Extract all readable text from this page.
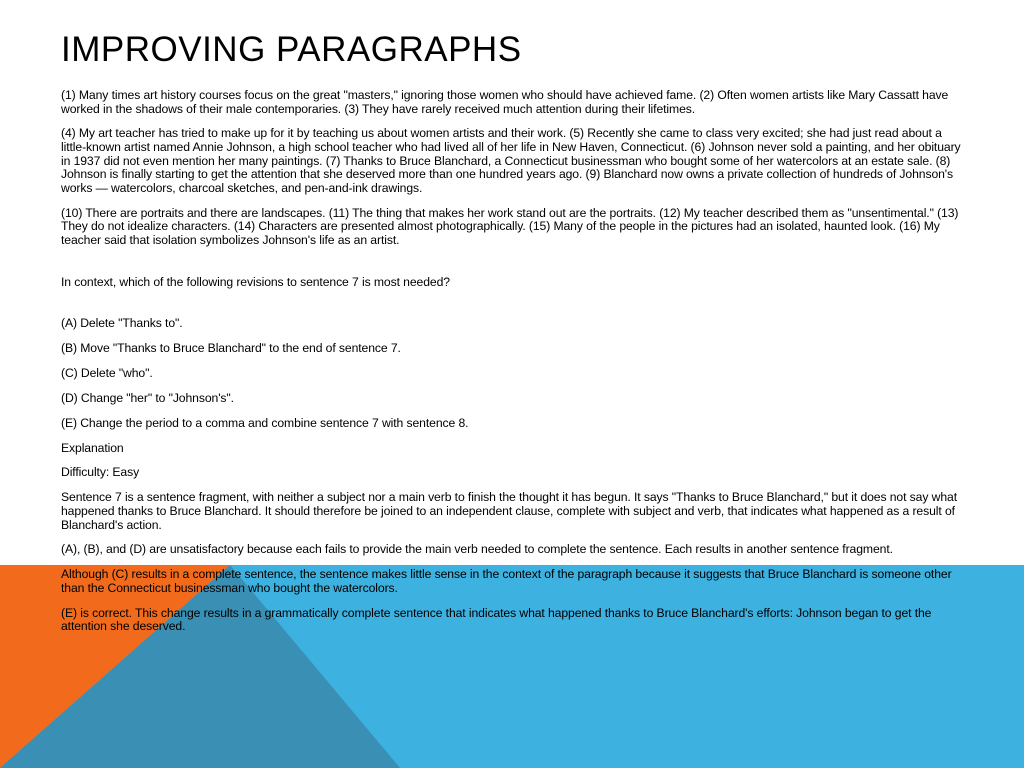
IMPROVING PARAGRAPHS

(1) Many times art history courses focus on the great "masters," ignoring those women who should have achieved fame. (2) Often women artists like Mary Cassatt have worked in the shadows of their male contemporaries. (3) They have rarely received much attention during their lifetimes.

(4) My art teacher has tried to make up for it by teaching us about women artists and their work. (5) Recently she came to class very excited; she had just read about a little-known artist named Annie Johnson, a high school teacher who had lived all of her life in New Haven, Connecticut. (6) Johnson never sold a painting, and her obituary in 1937 did not even mention her many paintings. (7) Thanks to Bruce Blanchard, a Connecticut businessman who bought some of her watercolors at an estate sale. (8) Johnson is finally starting to get the attention that she deserved more than one hundred years ago. (9) Blanchard now owns a private collection of hundreds of Johnson's works — watercolors, charcoal sketches, and pen-and-ink drawings.

(10) There are portraits and there are landscapes. (11) The thing that makes her work stand out are the portraits. (12) My teacher described them as "unsentimental." (13) They do not idealize characters. (14) Characters are presented almost photographically. (15) Many of the people in the pictures had an isolated, haunted look. (16) My teacher said that isolation symbolizes Johnson's life as an artist.

In context, which of the following revisions to sentence 7 is most needed?

(A) Delete "Thanks to".

(B) Move "Thanks to Bruce Blanchard" to the end of sentence 7.

(C) Delete "who".

(D) Change "her" to "Johnson's".

(E) Change the period to a comma and combine sentence 7 with sentence 8.

Explanation

Difficulty: Easy

Sentence 7 is a sentence fragment, with neither a subject nor a main verb to finish the thought it has begun. It says "Thanks to Bruce Blanchard," but it does not say what happened thanks to Bruce Blanchard. It should therefore be joined to an independent clause, complete with subject and verb, that indicates what happened as a result of Blanchard's action.

(A), (B), and (D) are unsatisfactory because each fails to provide the main verb needed to complete the sentence. Each results in another sentence fragment.

Although (C) results in a complete sentence, the sentence makes little sense in the context of the paragraph because it suggests that Bruce Blanchard is someone other than the Connecticut businessman who bought the watercolors.

(E) is correct. This change results in a grammatically complete sentence that indicates what happened thanks to Bruce Blanchard's efforts: Johnson began to get the attention she deserved.
